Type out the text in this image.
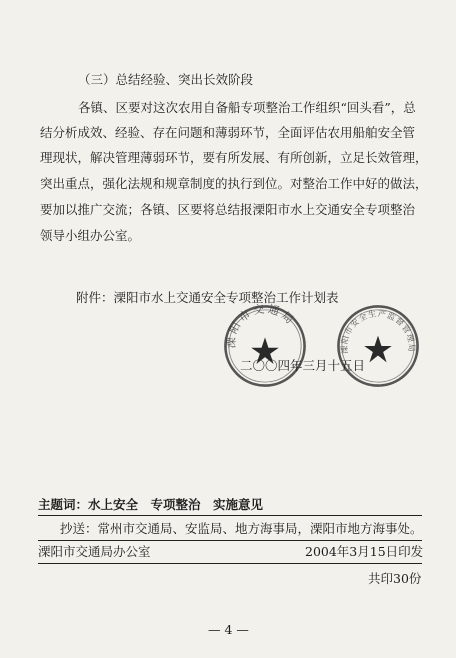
（三）总结经验、突出长效阶段
各镇、区要对这次农用自备船专项整治工作组织“回头看”，总
结分析成效、经验、存在问题和薄弱环节，全面评估农用船舶安全管
理现状，解决管理薄弱环节，要有所发展、有所创新，立足长效管理，
突出重点，强化法规和规章制度的执行到位。对整治工作中好的做法，
要加以推广交流；各镇、区要将总结报溧阳市水上交通安全专项整治
领导小组办公室。
附件：溧阳市水上交通安全专项整治工作计划表
溧阳市交通局
溧阳市安全生产监督管理局
二〇〇四年三月十五日
主题词：水上安全　专项整治　实施意见
抄送：常州市交通局、安监局、地方海事局，溧阳市地方海事处。
溧阳市交通局办公室	2004年3月15日印发
共印30份
— 4 —
